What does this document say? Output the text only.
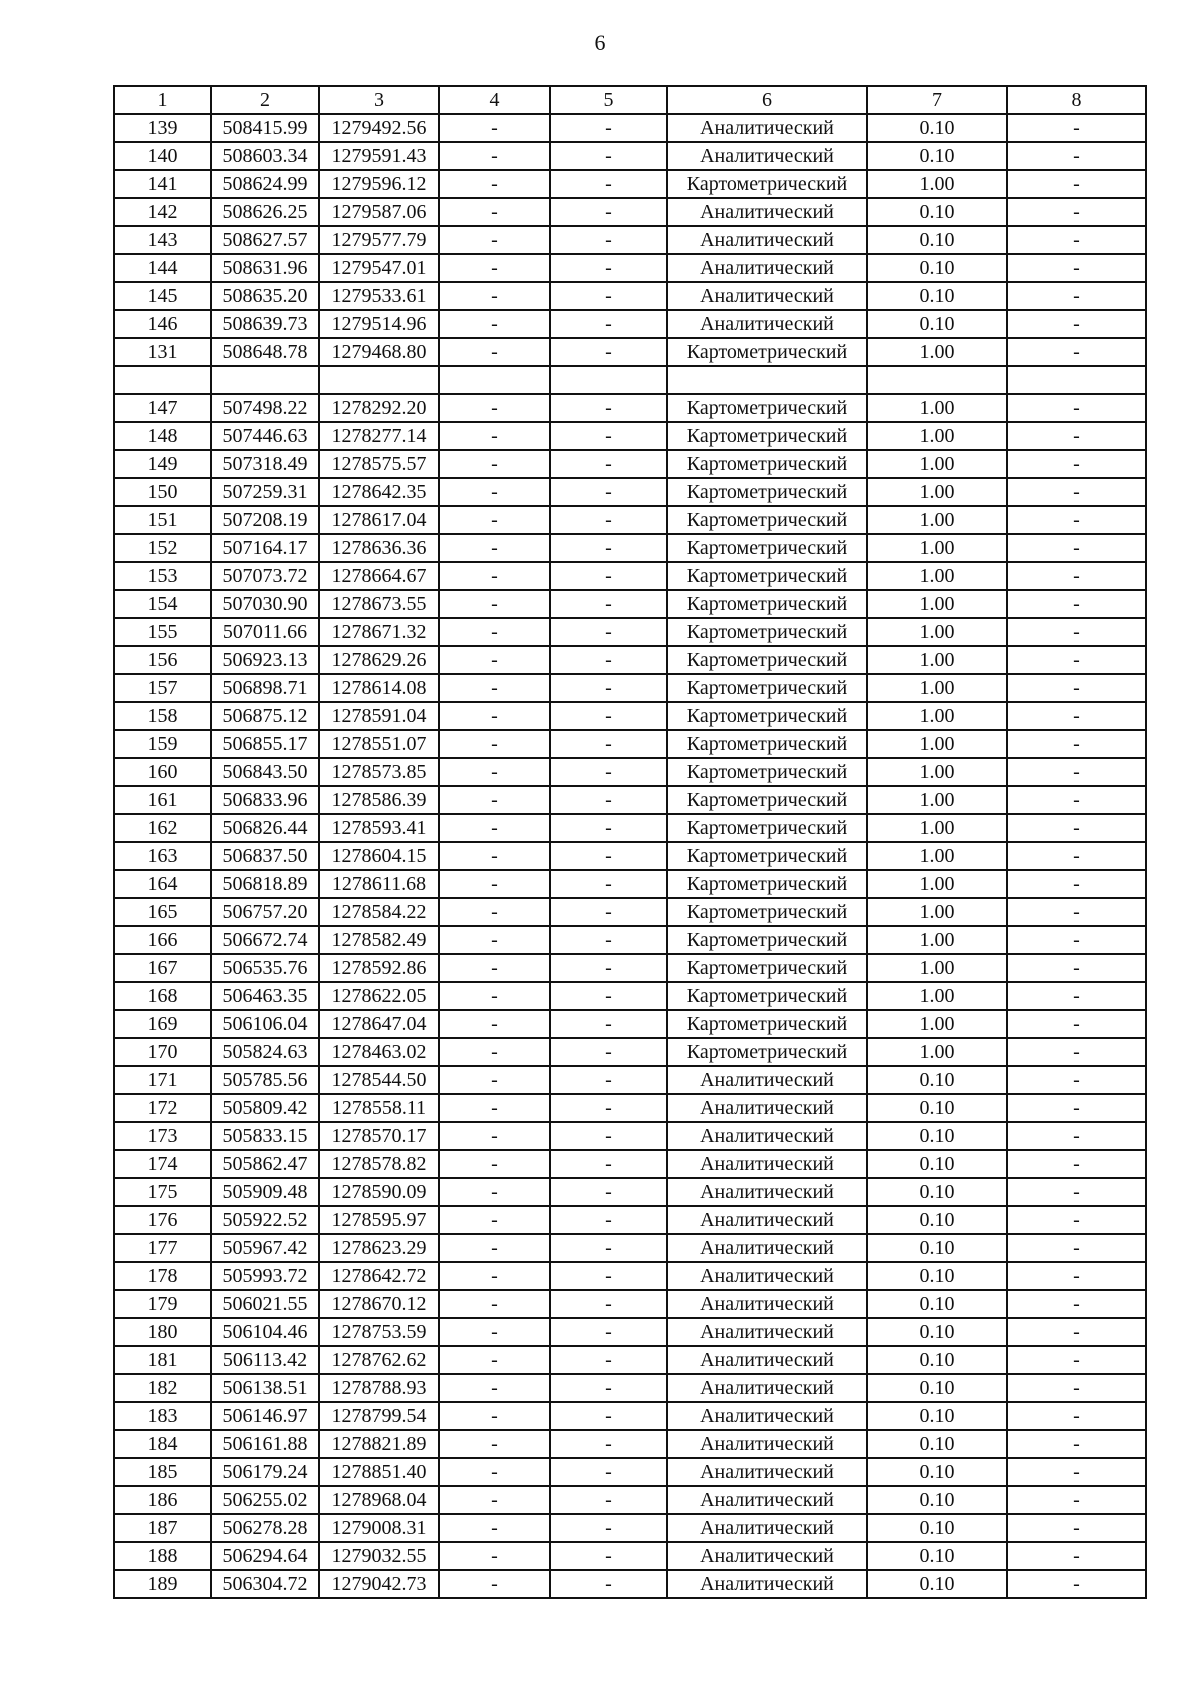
6
1	2	3	4	5	6	7	8
139	508415.99	1279492.56	-	-	Аналитический	0.10	-
140	508603.34	1279591.43	-	-	Аналитический	0.10	-
141	508624.99	1279596.12	-	-	Картометрический	1.00	-
142	508626.25	1279587.06	-	-	Аналитический	0.10	-
143	508627.57	1279577.79	-	-	Аналитический	0.10	-
144	508631.96	1279547.01	-	-	Аналитический	0.10	-
145	508635.20	1279533.61	-	-	Аналитический	0.10	-
146	508639.73	1279514.96	-	-	Аналитический	0.10	-
131	508648.78	1279468.80	-	-	Картометрический	1.00	-

147	507498.22	1278292.20	-	-	Картометрический	1.00	-
148	507446.63	1278277.14	-	-	Картометрический	1.00	-
149	507318.49	1278575.57	-	-	Картометрический	1.00	-
150	507259.31	1278642.35	-	-	Картометрический	1.00	-
151	507208.19	1278617.04	-	-	Картометрический	1.00	-
152	507164.17	1278636.36	-	-	Картометрический	1.00	-
153	507073.72	1278664.67	-	-	Картометрический	1.00	-
154	507030.90	1278673.55	-	-	Картометрический	1.00	-
155	507011.66	1278671.32	-	-	Картометрический	1.00	-
156	506923.13	1278629.26	-	-	Картометрический	1.00	-
157	506898.71	1278614.08	-	-	Картометрический	1.00	-
158	506875.12	1278591.04	-	-	Картометрический	1.00	-
159	506855.17	1278551.07	-	-	Картометрический	1.00	-
160	506843.50	1278573.85	-	-	Картометрический	1.00	-
161	506833.96	1278586.39	-	-	Картометрический	1.00	-
162	506826.44	1278593.41	-	-	Картометрический	1.00	-
163	506837.50	1278604.15	-	-	Картометрический	1.00	-
164	506818.89	1278611.68	-	-	Картометрический	1.00	-
165	506757.20	1278584.22	-	-	Картометрический	1.00	-
166	506672.74	1278582.49	-	-	Картометрический	1.00	-
167	506535.76	1278592.86	-	-	Картометрический	1.00	-
168	506463.35	1278622.05	-	-	Картометрический	1.00	-
169	506106.04	1278647.04	-	-	Картометрический	1.00	-
170	505824.63	1278463.02	-	-	Картометрический	1.00	-
171	505785.56	1278544.50	-	-	Аналитический	0.10	-
172	505809.42	1278558.11	-	-	Аналитический	0.10	-
173	505833.15	1278570.17	-	-	Аналитический	0.10	-
174	505862.47	1278578.82	-	-	Аналитический	0.10	-
175	505909.48	1278590.09	-	-	Аналитический	0.10	-
176	505922.52	1278595.97	-	-	Аналитический	0.10	-
177	505967.42	1278623.29	-	-	Аналитический	0.10	-
178	505993.72	1278642.72	-	-	Аналитический	0.10	-
179	506021.55	1278670.12	-	-	Аналитический	0.10	-
180	506104.46	1278753.59	-	-	Аналитический	0.10	-
181	506113.42	1278762.62	-	-	Аналитический	0.10	-
182	506138.51	1278788.93	-	-	Аналитический	0.10	-
183	506146.97	1278799.54	-	-	Аналитический	0.10	-
184	506161.88	1278821.89	-	-	Аналитический	0.10	-
185	506179.24	1278851.40	-	-	Аналитический	0.10	-
186	506255.02	1278968.04	-	-	Аналитический	0.10	-
187	506278.28	1279008.31	-	-	Аналитический	0.10	-
188	506294.64	1279032.55	-	-	Аналитический	0.10	-
189	506304.72	1279042.73	-	-	Аналитический	0.10	-
